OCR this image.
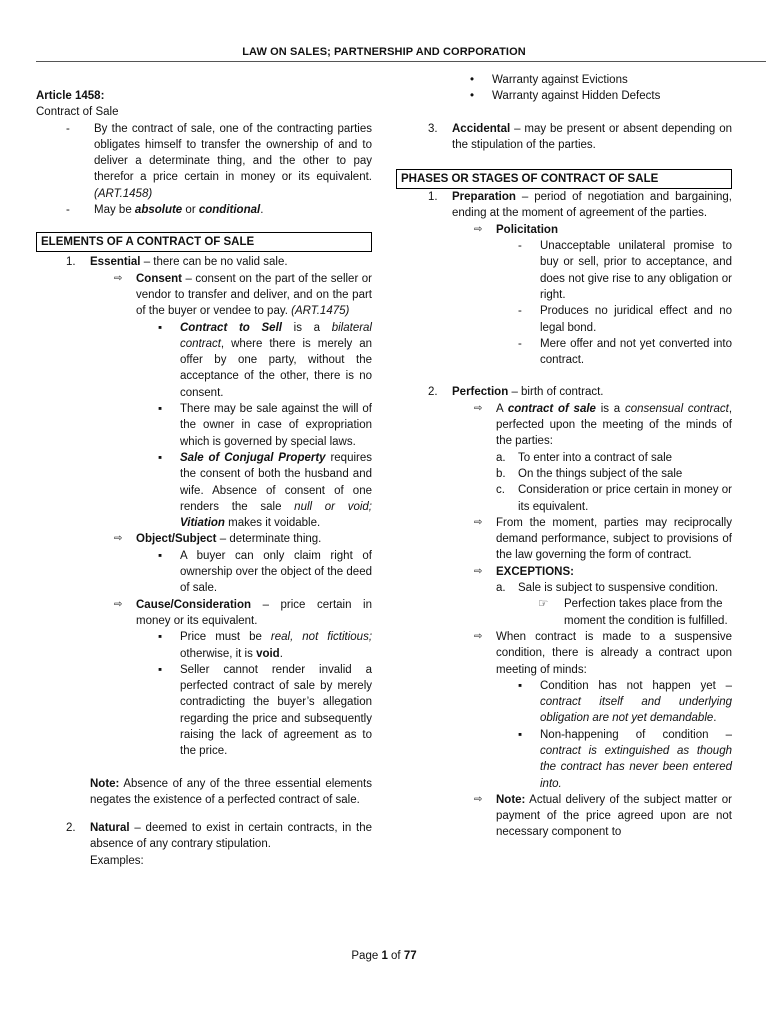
LAW ON SALES; PARTNERSHIP AND CORPORATION

Article 1458:

Contract of Sale

-	By the contract of sale, one of the contracting parties obligates himself to transfer the ownership of and to deliver a determinate thing, and the other to pay therefor a price certain in money or its equivalent. (ART.1458)

-	May be absolute or conditional.

ELEMENTS OF A CONTRACT OF SALE
1.	Essential – there can be no valid sale.

⇨	Consent – consent on the part of the seller or vendor to transfer and deliver, and on the part of the buyer or vendee to pay. (ART.1475)

▪	Contract to Sell is a bilateral contract, where there is merely an offer by one party, without the acceptance of the other, there is no consent.

▪	There may be sale against the will of the owner in case of expropriation which is governed by special laws.

▪	Sale of Conjugal Property requires the consent of both the husband and wife. Absence of consent of one renders the sale null or void; Vitiation makes it voidable.

⇨	Object/Subject – determinate thing.

▪	A buyer can only claim right of ownership over the object of the deed of sale.

⇨	Cause/Consideration – price certain in money or its equivalent.

▪	Price must be real, not fictitious; otherwise, it is void.

▪	Seller cannot render invalid a perfected contract of sale by merely contradicting the buyer’s allegation regarding the price and subsequently raising the lack of agreement as to the price.

Note: Absence of any of the three essential elements negates the existence of a perfected contract of sale.

2.	Natural – deemed to exist in certain contracts, in the absence of any contrary stipulation.

Examples:

•	Warranty against Evictions

•	Warranty against Hidden Defects

3.	Accidental – may be present or absent depending on the stipulation of the parties.

PHASES OR STAGES OF CONTRACT OF SALE
1.	Preparation – period of negotiation and bargaining, ending at the moment of agreement of the parties.

⇨	Policitation

-	Unacceptable unilateral promise to buy or sell, prior to acceptance, and does not give rise to any obligation or right.

-	Produces no juridical effect and no legal bond.

-	Mere offer and not yet converted into contract.

2.	Perfection – birth of contract.

⇨	A contract of sale is a consensual contract, perfected upon the meeting of the minds of the parties:

a.	To enter into a contract of sale

b.	On the things subject of the sale

c.	Consideration or price certain in money or its equivalent.

⇨	From the moment, parties may reciprocally demand performance, subject to provisions of the law governing the form of contract.

⇨	EXCEPTIONS:

a.	Sale is subject to suspensive condition.

☞	Perfection takes place from the moment the condition is fulfilled.

⇨	When contract is made to a suspensive condition, there is already a contract upon meeting of minds:

▪	Condition has not happen yet – contract itself and underlying obligation are not yet demandable.

▪	Non-happening of condition – contract is extinguished as though the contract has never been entered into.

⇨	Note: Actual delivery of the subject matter or payment of the price agreed upon are not necessary component to

Page 1 of 77
